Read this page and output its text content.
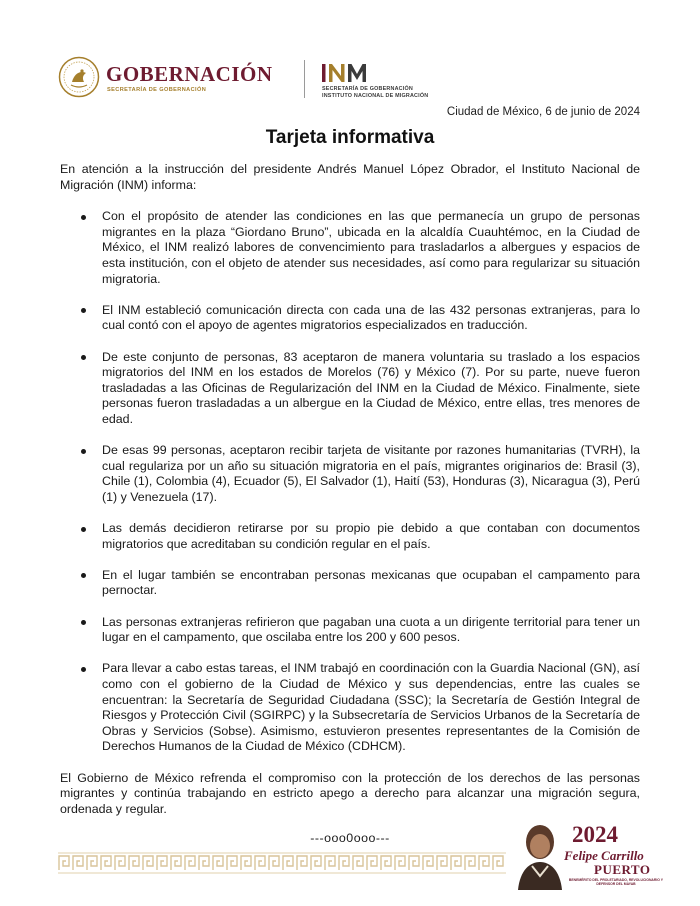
GOBERNACIÓN
SECRETARÍA DE GOBERNACIÓN	SECRETARÍA DE GOBERNACIÓN
INSTITUTO NACIONAL DE MIGRACIÓN
Ciudad de México, 6 de junio de 2024
Tarjeta informativa

En atención a la instrucción del presidente Andrés Manuel López Obrador, el Instituto Nacional de Migración (INM) informa:

Con el propósito de atender las condiciones en las que permanecía un grupo de personas migrantes en la plaza “Giordano Bruno”, ubicada en la alcaldía Cuauhtémoc, en la Ciudad de México, el INM realizó labores de convencimiento para trasladarlos a albergues y espacios de esta institución, con el objeto de atender sus necesidades, así como para regularizar su situación migratoria.
El INM estableció comunicación directa con cada una de las 432 personas extranjeras, para lo cual contó con el apoyo de agentes migratorios especializados en traducción.
De este conjunto de personas, 83 aceptaron de manera voluntaria su traslado a los espacios migratorios del INM en los estados de Morelos (76) y México (7). Por su parte, nueve fueron trasladadas a las Oficinas de Regularización del INM en la Ciudad de México. Finalmente, siete personas fueron trasladadas a un albergue en la Ciudad de México, entre ellas, tres menores de edad.
De esas 99 personas, aceptaron recibir tarjeta de visitante por razones humanitarias (TVRH), la cual regulariza por un año su situación migratoria en el país, migrantes originarios de: Brasil (3), Chile (1), Colombia (4), Ecuador (5), El Salvador (1), Haití (53), Honduras (3), Nicaragua (3), Perú (1) y Venezuela (17).
Las demás decidieron retirarse por su propio pie debido a que contaban con documentos migratorios que acreditaban su condición regular en el país.
En el lugar también se encontraban personas mexicanas que ocupaban el campamento para pernoctar.
Las personas extranjeras refirieron que pagaban una cuota a un dirigente territorial para tener un lugar en el campamento, que oscilaba entre los 200 y 600 pesos.
Para llevar a cabo estas tareas, el INM trabajó en coordinación con la Guardia Nacional (GN), así como con el gobierno de la Ciudad de México y sus dependencias, entre las cuales se encuentran: la Secretaría de Seguridad Ciudadana (SSC); la Secretaría de Gestión Integral de Riesgos y Protección Civil (SGIRPC) y la Subsecretaría de Servicios Urbanos de la Secretaría de Obras y Servicios (Sobse). Asimismo, estuvieron presentes representantes de la Comisión de Derechos Humanos de la Ciudad de México (CDHCM).

El Gobierno de México refrenda el compromiso con la protección de los derechos de las personas migrantes y continúa trabajando en estricto apego a derecho para alcanzar una migración segura, ordenada y regular.

---ooo0ooo---	2024
Felipe Carrillo
PUERTO
BENEMÉRITO DEL PROLETARIADO, REVOLUCIONARIO Y DEFENSOR DEL MAYAB
